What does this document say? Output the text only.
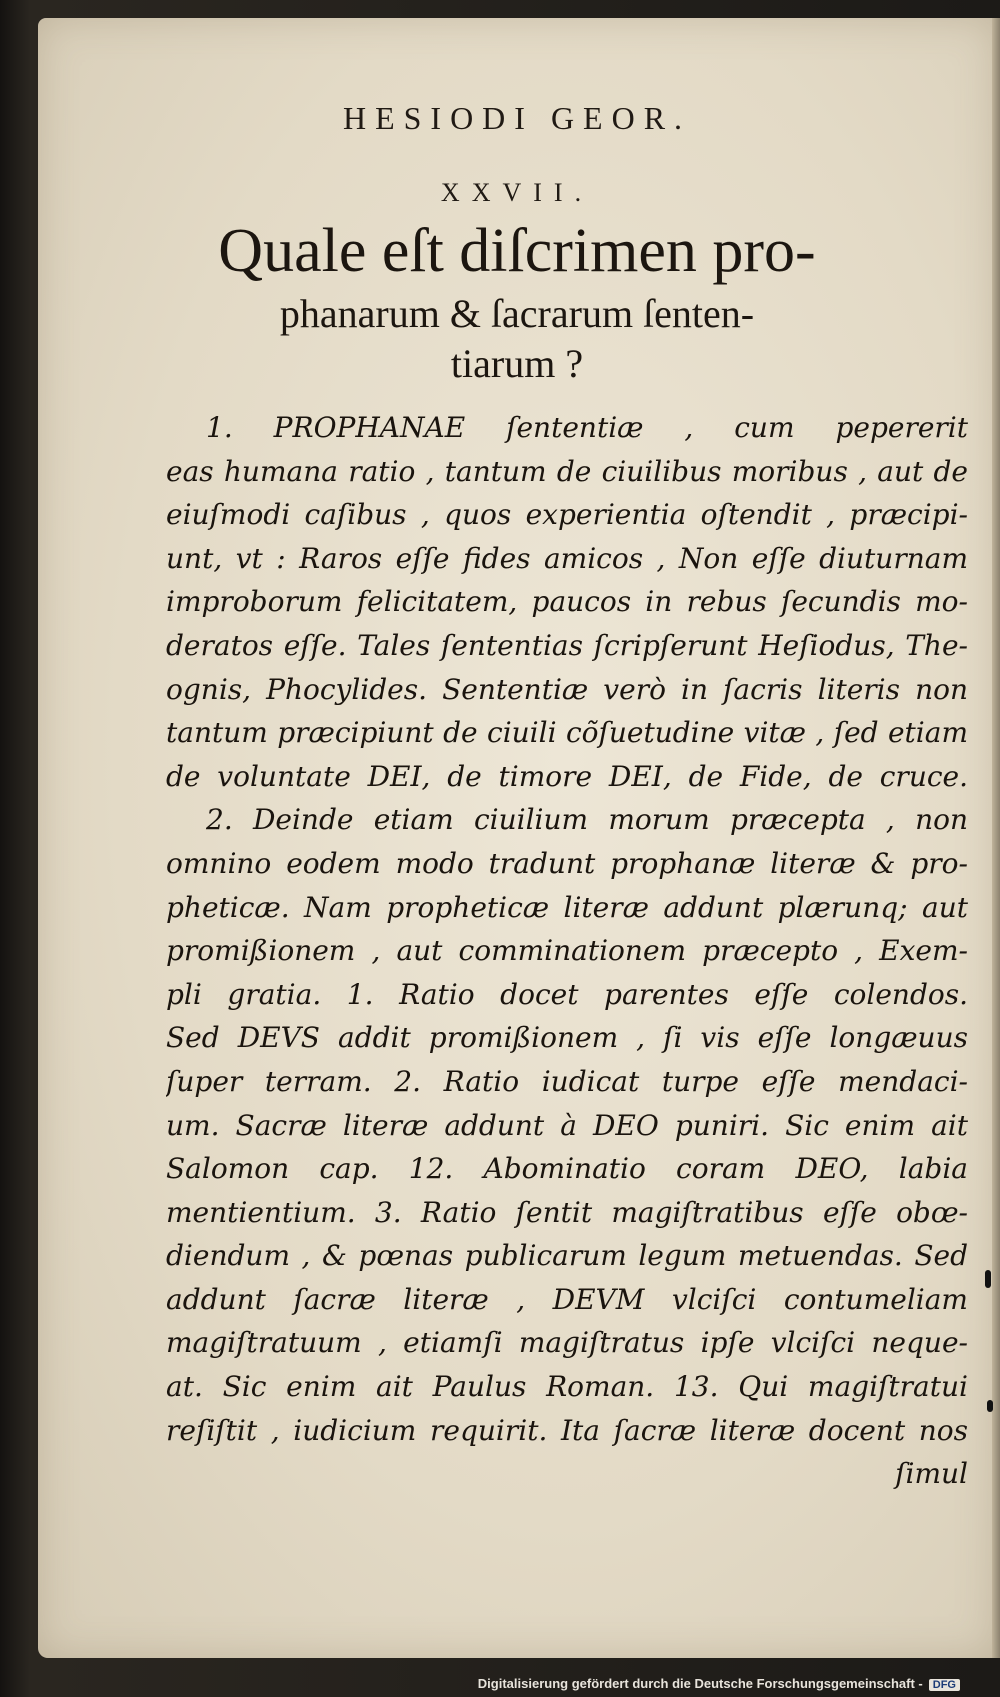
HESIODI GEOR.
XXVII.
Quale eſt diſcrimen pro-
phanarum & ſacrarum ſenten-
tiarum ?
1. PROPHANAE ſententiæ , cum pepererit
eas humana ratio , tantum de ciuilibus moribus , aut de
eiuſmodi caſibus , quos experientia oſtendit , præcipi-
unt, vt : Raros eſſe fides amicos , Non eſſe diuturnam
improborum felicitatem, paucos in rebus ſecundis mo-
deratos eſſe. Tales ſententias ſcripſerunt Heſiodus, The-
ognis, Phocylides. Sententiæ verò in ſacris literis non
tantum præcipiunt de ciuili cõſuetudine vitæ , ſed etiam
de voluntate DEI, de timore DEI, de Fide, de cruce.
2. Deinde etiam ciuilium morum præcepta , non
omnino eodem modo tradunt prophanæ literæ & pro-
pheticæ. Nam propheticæ literæ addunt plærunq; aut
promißionem , aut comminationem præcepto , Exem-
pli gratia. 1. Ratio docet parentes eſſe colendos.
Sed DEVS addit promißionem , ſi vis eſſe longæuus
ſuper terram. 2. Ratio iudicat turpe eſſe mendaci-
um. Sacræ literæ addunt à DEO puniri. Sic enim ait
Salomon cap. 12. Abominatio coram DEO, labia
mentientium. 3. Ratio ſentit magiſtratibus eſſe obœ-
diendum , & pœnas publicarum legum metuendas. Sed
addunt ſacræ literæ , DEVM vlciſci contumeliam
magiſtratuum , etiamſi magiſtratus ipſe vlciſci neque-
at. Sic enim ait Paulus Roman. 13. Qui magiſtratui
reſiſtit , iudicium requirit. Ita ſacræ literæ docent nos
ſimul
Digitalisierung gefördert durch die Deutsche Forschungsgemeinschaft - DFG
